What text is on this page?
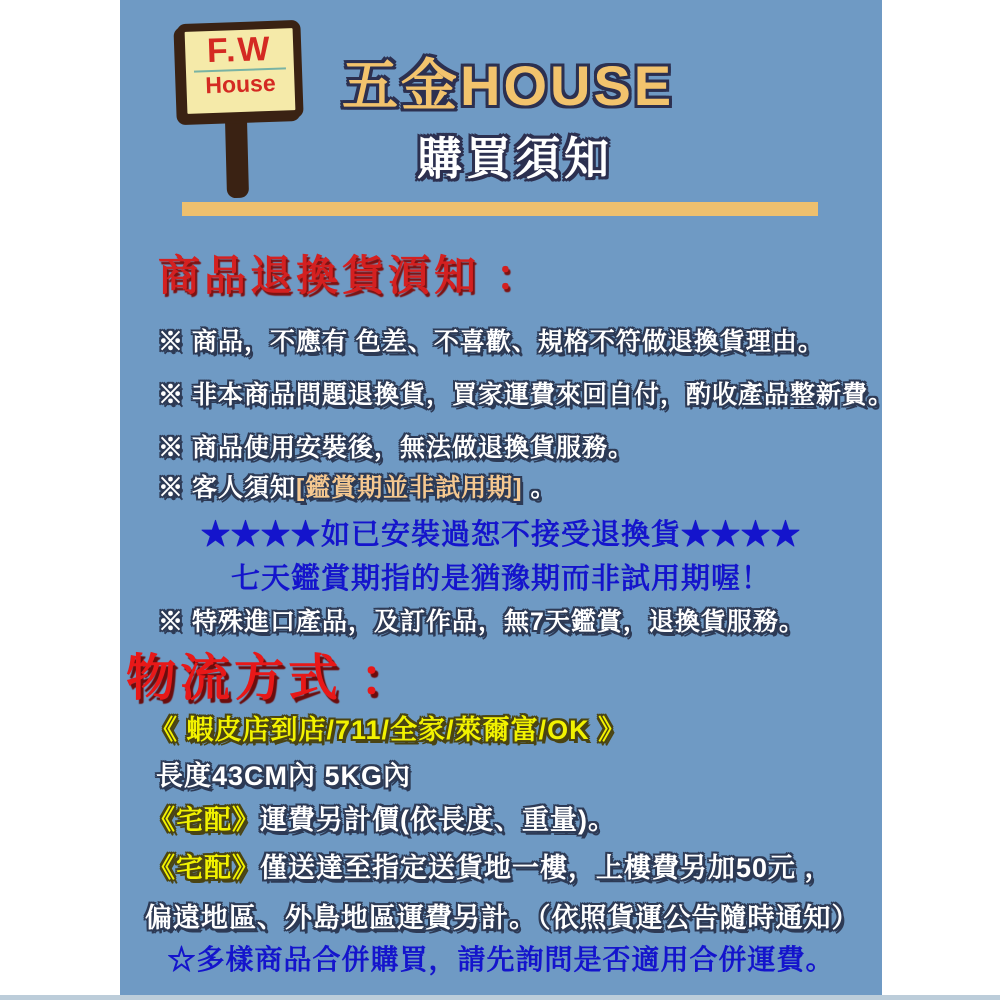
F.W
House	五金HOUSE
購買須知
商品退換貨湏知 ：
※ 商品，不應有 色差、不喜歡、規格不符做退換貨理由。
※ 非本商品問題退換貨，買家運費來回自付，酌收產品整新費。
※ 商品使用安裝後，無法做退換貨服務。
※ 客人須知[鑑賞期並非試用期] 。
★★★★如已安裝過恕不接受退換貨★★★★
七天鑑賞期指的是猶豫期而非試用期喔！
※ 特殊進口產品，及訂作品，無7天鑑賞，退換貨服務。
物流方式 ：
《 蝦皮店到店/711/全家/萊爾富/OK 》
長度43CM內 5KG內
《宅配》運費另計價(依長度、重量)。
《宅配》僅送達至指定送貨地一樓，上樓費另加50元 ，
偏遠地區、外島地區運費另計。（依照貨運公告隨時通知）
☆多樣商品合併購買，請先詢問是否適用合併運費。
